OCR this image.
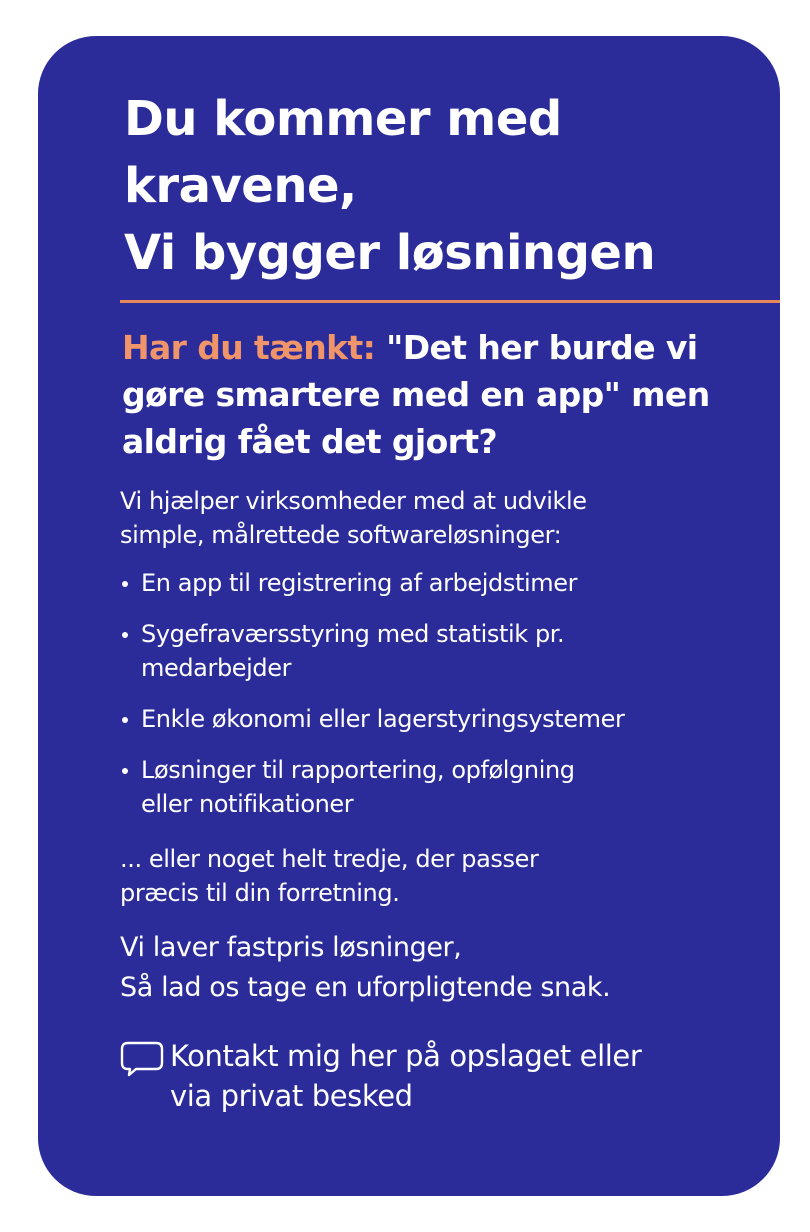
Du kommer med
kravene,
Vi bygger løsningen

Har du tænkt: "Det her burde vi
gøre smartere med en app" men
aldrig fået det gjort?

Vi hjælper virksomheder med at udvikle
simple, målrettede softwareløsninger:

En app til registrering af arbejdstimer
Sygefraværsstyring med statistik pr.
medarbejder
Enkle økonomi eller lagerstyringsystemer
Løsninger til rapportering, opfølgning
eller notifikationer

... eller noget helt tredje, der passer
præcis til din forretning.

Vi laver fastpris løsninger,
Så lad os tage en uforpligtende snak.

Kontakt mig her på opslaget eller
via privat besked
